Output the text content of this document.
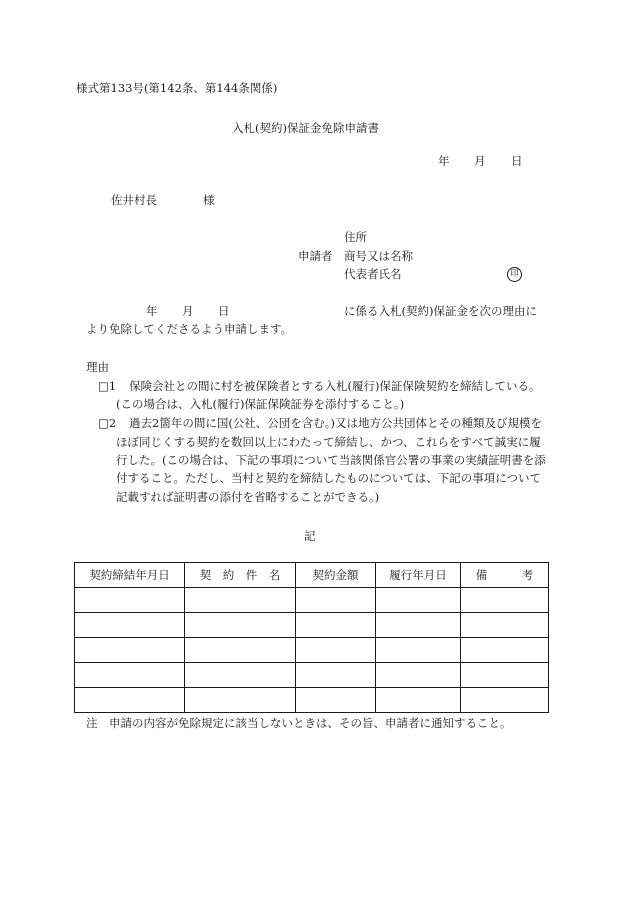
様式第133号(第142条、第144条関係)
入札(契約)保証金免除申請書
年 月 日
佐井村長	様
住所
申請者 商号又は名称
代表者氏名	印
年 月 日	に係る入札(契約)保証金を次の理由に
より免除してくださるよう申請します。
理由
□1 保険会社との間に村を被保険者とする入札(履行)保証保険契約を締結している。
(この場合は、入札(履行)保証保険証券を添付すること。)
□2 過去2箇年の間に国(公社、公団を含む。)又は地方公共団体とその種類及び規模を
ほぼ同じくする契約を数回以上にわたって締結し、かつ、これらをすべて誠実に履
行した。(この場合は、下記の事項について当該関係官公署の事業の実績証明書を添
付すること。ただし、当村と契約を締結したものについては、下記の事項について
記載すれば証明書の添付を省略することができる。)
記
契約締結年月日	契　約　件　名	契約金額	履行年月日	備　　　考

注　申請の内容が免除規定に該当しないときは、その旨、申請者に通知すること。
